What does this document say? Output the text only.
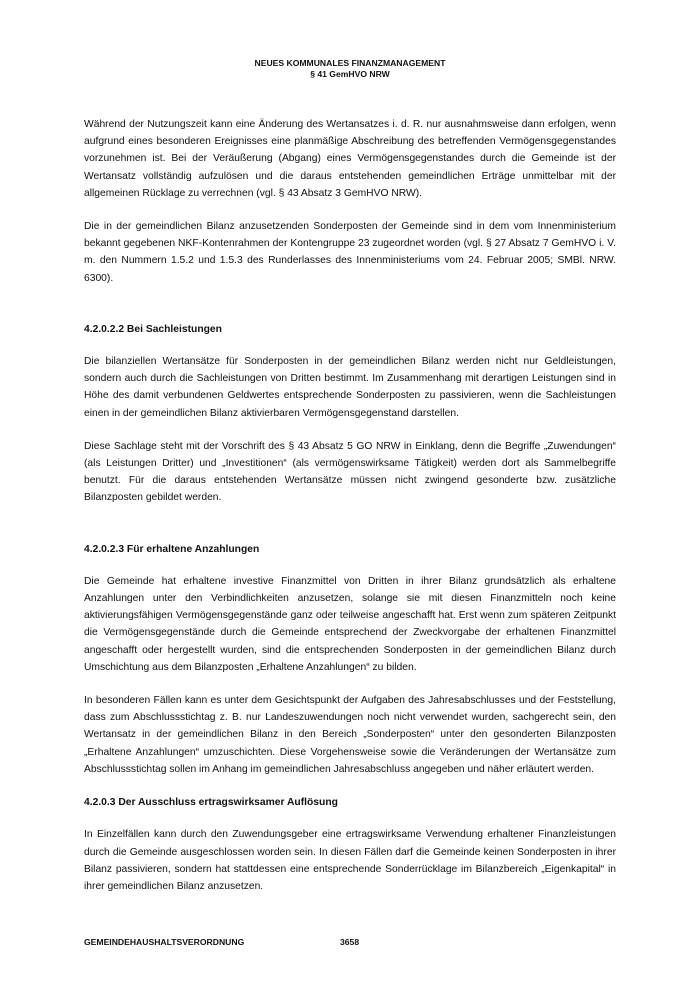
NEUES KOMMUNALES FINANZMANAGEMENT
§ 41 GemHVO NRW

Während der Nutzungszeit kann eine Änderung des Wertansatzes i. d. R. nur ausnahmsweise dann erfolgen, wenn aufgrund eines besonderen Ereignisses eine planmäßige Abschreibung des betreffenden Vermögensgegenstandes vorzunehmen ist. Bei der Veräußerung (Abgang) eines Vermögensgegenstandes durch die Gemeinde ist der Wertansatz vollständig aufzulösen und die daraus entstehenden gemeindlichen Erträge unmittelbar mit der allgemeinen Rücklage zu verrechnen (vgl. § 43 Absatz 3 GemHVO NRW).

Die in der gemeindlichen Bilanz anzusetzenden Sonderposten der Gemeinde sind in dem vom Innenministerium bekannt gegebenen NKF-Kontenrahmen der Kontengruppe 23 zugeordnet worden (vgl. § 27 Absatz 7 GemHVO i. V. m. den Nummern 1.5.2 und 1.5.3 des Runderlasses des Innenministeriums vom 24. Februar 2005; SMBl. NRW. 6300).

4.2.0.2.2 Bei Sachleistungen

Die bilanziellen Wertansätze für Sonderposten in der gemeindlichen Bilanz werden nicht nur Geldleistungen, sondern auch durch die Sachleistungen von Dritten bestimmt. Im Zusammenhang mit derartigen Leistungen sind in Höhe des damit verbundenen Geldwertes entsprechende Sonderposten zu passivieren, wenn die Sachleistungen einen in der gemeindlichen Bilanz aktivierbaren Vermögensgegenstand darstellen.

Diese Sachlage steht mit der Vorschrift des § 43 Absatz 5 GO NRW in Einklang, denn die Begriffe „Zuwendungen“ (als Leistungen Dritter) und „Investitionen“ (als vermögenswirksame Tätigkeit) werden dort als Sammelbegriffe benutzt. Für die daraus entstehenden Wertansätze müssen nicht zwingend gesonderte bzw. zusätzliche Bilanzposten gebildet werden.

4.2.0.2.3 Für erhaltene Anzahlungen

Die Gemeinde hat erhaltene investive Finanzmittel von Dritten in ihrer Bilanz grundsätzlich als erhaltene Anzahlungen unter den Verbindlichkeiten anzusetzen, solange sie mit diesen Finanzmitteln noch keine aktivierungsfähigen Vermögensgegenstände ganz oder teilweise angeschafft hat. Erst wenn zum späteren Zeitpunkt die Vermögensgegenstände durch die Gemeinde entsprechend der Zweckvorgabe der erhaltenen Finanzmittel angeschafft oder hergestellt wurden, sind die entsprechenden Sonderposten in der gemeindlichen Bilanz durch Umschichtung aus dem Bilanzposten „Erhaltene Anzahlungen“ zu bilden.

In besonderen Fällen kann es unter dem Gesichtspunkt der Aufgaben des Jahresabschlusses und der Feststellung, dass zum Abschlussstichtag z. B. nur Landeszuwendungen noch nicht verwendet wurden, sachgerecht sein, den Wertansatz in der gemeindlichen Bilanz in den Bereich „Sonderposten“ unter den gesonderten Bilanzposten „Erhaltene Anzahlungen“ umzuschichten. Diese Vorgehensweise sowie die Veränderungen der Wertansätze zum Abschlussstichtag sollen im Anhang im gemeindlichen Jahresabschluss angegeben und näher erläutert werden.

4.2.0.3 Der Ausschluss ertragswirksamer Auflösung

In Einzelfällen kann durch den Zuwendungsgeber eine ertragswirksame Verwendung erhaltener Finanzleistungen durch die Gemeinde ausgeschlossen worden sein. In diesen Fällen darf die Gemeinde keinen Sonderposten in ihrer Bilanz passivieren, sondern hat stattdessen eine entsprechende Sonderrücklage im Bilanzbereich „Eigenkapital“ in ihrer gemeindlichen Bilanz anzusetzen.

GEMEINDEHAUSHALTSVERORDNUNG	3658
